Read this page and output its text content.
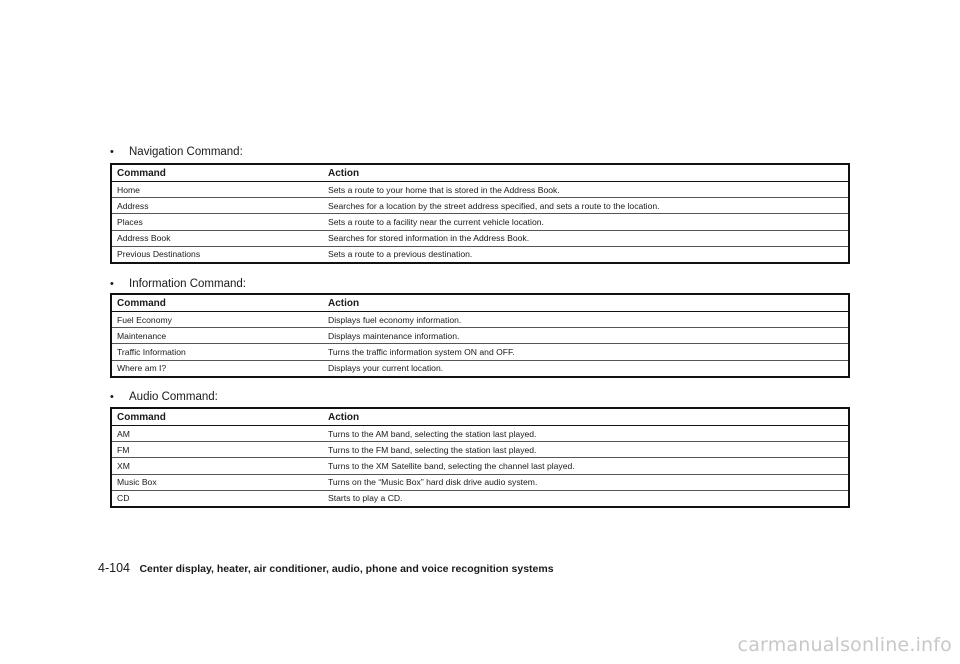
• Navigation Command:
Command	Action
Home	Sets a route to your home that is stored in the Address Book.
Address	Searches for a location by the street address specified, and sets a route to the location.
Places	Sets a route to a facility near the current vehicle location.
Address Book	Searches for stored information in the Address Book.
Previous Destinations	Sets a route to a previous destination.
• Information Command:
Command	Action
Fuel Economy	Displays fuel economy information.
Maintenance	Displays maintenance information.
Traffic Information	Turns the traffic information system ON and OFF.
Where am I?	Displays your current location.
• Audio Command:
Command	Action
AM	Turns to the AM band, selecting the station last played.
FM	Turns to the FM band, selecting the station last played.
XM	Turns to the XM Satellite band, selecting the channel last played.
Music Box	Turns on the “Music Box” hard disk drive audio system.
CD	Starts to play a CD.
4-104 Center display, heater, air conditioner, audio, phone and voice recognition systems
carmanualsonline.info
